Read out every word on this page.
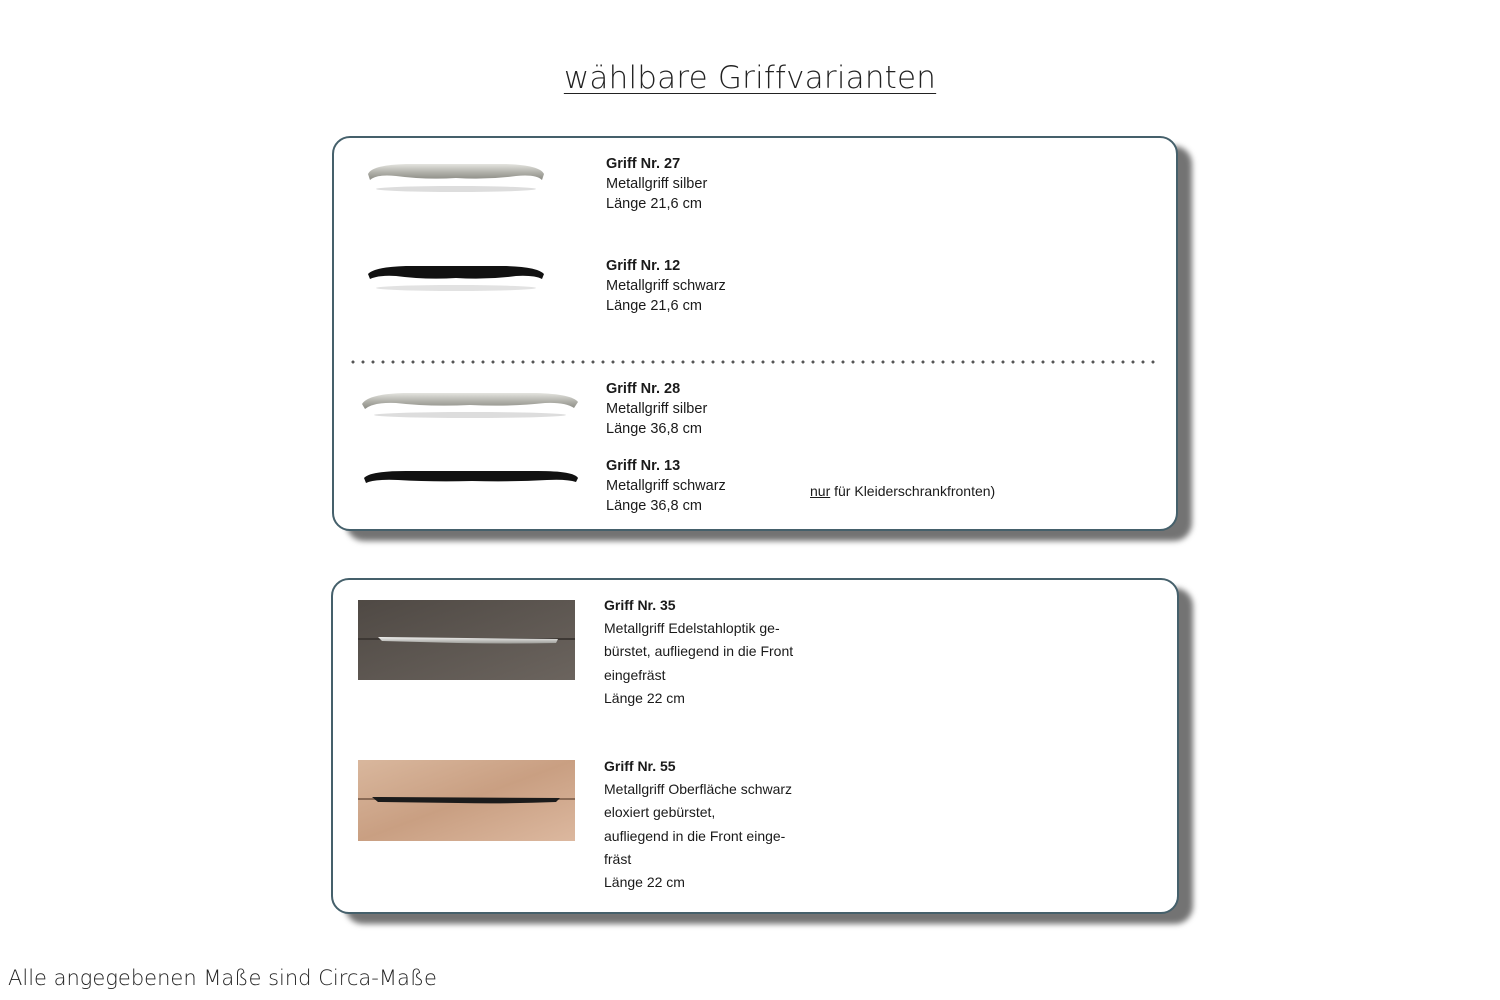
wählbare Griffvarianten
Griff Nr. 27
Metallgriff silber
Länge 21,6 cm
Griff Nr. 12
Metallgriff schwarz
Länge 21,6 cm
Griff Nr. 28
Metallgriff silber
Länge 36,8 cm
Griff Nr. 13
Metallgriff schwarz
Länge 36,8 cm
nur für Kleiderschrankfronten)
Griff Nr. 35
Metallgriff Edelstahloptik ge-
bürstet, aufliegend in die Front
eingefräst
Länge 22 cm
Griff Nr. 55
Metallgriff Oberfläche schwarz
eloxiert gebürstet,
aufliegend in die Front einge-
fräst
Länge 22 cm
Alle angegebenen Maße sind Circa-Maße
